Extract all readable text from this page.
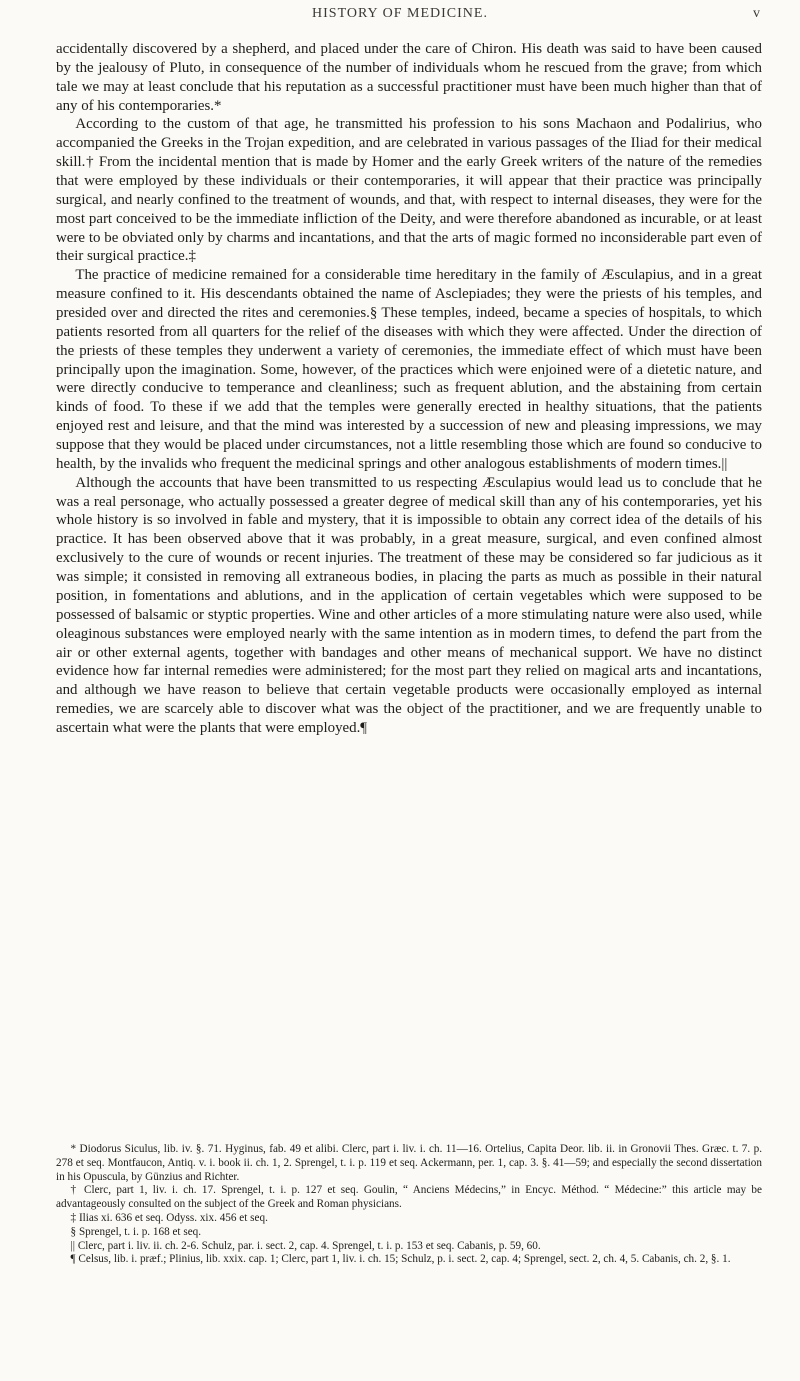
HISTORY OF MEDICINE.	v

accidentally discovered by a shepherd, and placed under the care of Chiron. His death was said to have been caused by the jealousy of Pluto, in consequence of the number of individuals whom he rescued from the grave; from which tale we may at least conclude that his reputation as a successful practitioner must have been much higher than that of any of his contemporaries.*

According to the custom of that age, he transmitted his profession to his sons Machaon and Podalirius, who accompanied the Greeks in the Trojan expedition, and are celebrated in various passages of the Iliad for their medical skill.† From the incidental mention that is made by Homer and the early Greek writers of the nature of the remedies that were employed by these individuals or their contemporaries, it will appear that their practice was principally surgical, and nearly confined to the treatment of wounds, and that, with respect to internal diseases, they were for the most part conceived to be the immediate infliction of the Deity, and were therefore abandoned as incurable, or at least were to be obviated only by charms and incantations, and that the arts of magic formed no inconsiderable part even of their surgical practice.‡

The practice of medicine remained for a considerable time hereditary in the family of Æsculapius, and in a great measure confined to it. His descendants obtained the name of Asclepiades; they were the priests of his temples, and presided over and directed the rites and ceremonies.§ These temples, indeed, became a species of hospitals, to which patients resorted from all quarters for the relief of the diseases with which they were affected. Under the direction of the priests of these temples they underwent a variety of ceremonies, the immediate effect of which must have been principally upon the imagination. Some, however, of the practices which were enjoined were of a dietetic nature, and were directly conducive to temperance and cleanliness; such as frequent ablution, and the abstaining from certain kinds of food. To these if we add that the temples were generally erected in healthy situations, that the patients enjoyed rest and leisure, and that the mind was interested by a succession of new and pleasing impressions, we may suppose that they would be placed under circumstances, not a little resembling those which are found so conducive to health, by the invalids who frequent the medicinal springs and other analogous establishments of modern times.||

Although the accounts that have been transmitted to us respecting Æsculapius would lead us to conclude that he was a real personage, who actually possessed a greater degree of medical skill than any of his contemporaries, yet his whole history is so involved in fable and mystery, that it is impossible to obtain any correct idea of the details of his practice. It has been observed above that it was probably, in a great measure, surgical, and even confined almost exclusively to the cure of wounds or recent injuries. The treatment of these may be considered so far judicious as it was simple; it consisted in removing all extraneous bodies, in placing the parts as much as possible in their natural position, in fomentations and ablutions, and in the application of certain vegetables which were supposed to be possessed of balsamic or styptic properties. Wine and other articles of a more stimulating nature were also used, while oleaginous substances were employed nearly with the same intention as in modern times, to defend the part from the air or other external agents, together with bandages and other means of mechanical support. We have no distinct evidence how far internal remedies were administered; for the most part they relied on magical arts and incantations, and although we have reason to believe that certain vegetable products were occasionally employed as internal remedies, we are scarcely able to discover what was the object of the practitioner, and we are frequently unable to ascertain what were the plants that were employed.¶

* Diodorus Siculus, lib. iv. §. 71. Hyginus, fab. 49 et alibi. Clerc, part i. liv. i. ch. 11—16. Ortelius, Capita Deor. lib. ii. in Gronovii Thes. Græc. t. 7. p. 278 et seq. Montfaucon, Antiq. v. i. book ii. ch. 1, 2. Sprengel, t. i. p. 119 et seq. Ackermann, per. 1, cap. 3. §. 41—59; and especially the second dissertation in his Opuscula, by Günzius and Richter.

† Clerc, part 1, liv. i. ch. 17. Sprengel, t. i. p. 127 et seq. Goulin, “ Anciens Médecins,” in Encyc. Méthod. “ Médecine:” this article may be advantageously consulted on the subject of the Greek and Roman physicians.

‡ Ilias xi. 636 et seq. Odyss. xix. 456 et seq.

§ Sprengel, t. i. p. 168 et seq.

|| Clerc, part i. liv. ii. ch. 2-6. Schulz, par. i. sect. 2, cap. 4. Sprengel, t. i. p. 153 et seq. Cabanis, p. 59, 60.

¶ Celsus, lib. i. præf.; Plinius, lib. xxix. cap. 1; Clerc, part 1, liv. i. ch. 15; Schulz, p. i. sect. 2, cap. 4; Sprengel, sect. 2, ch. 4, 5. Cabanis, ch. 2, §. 1.
